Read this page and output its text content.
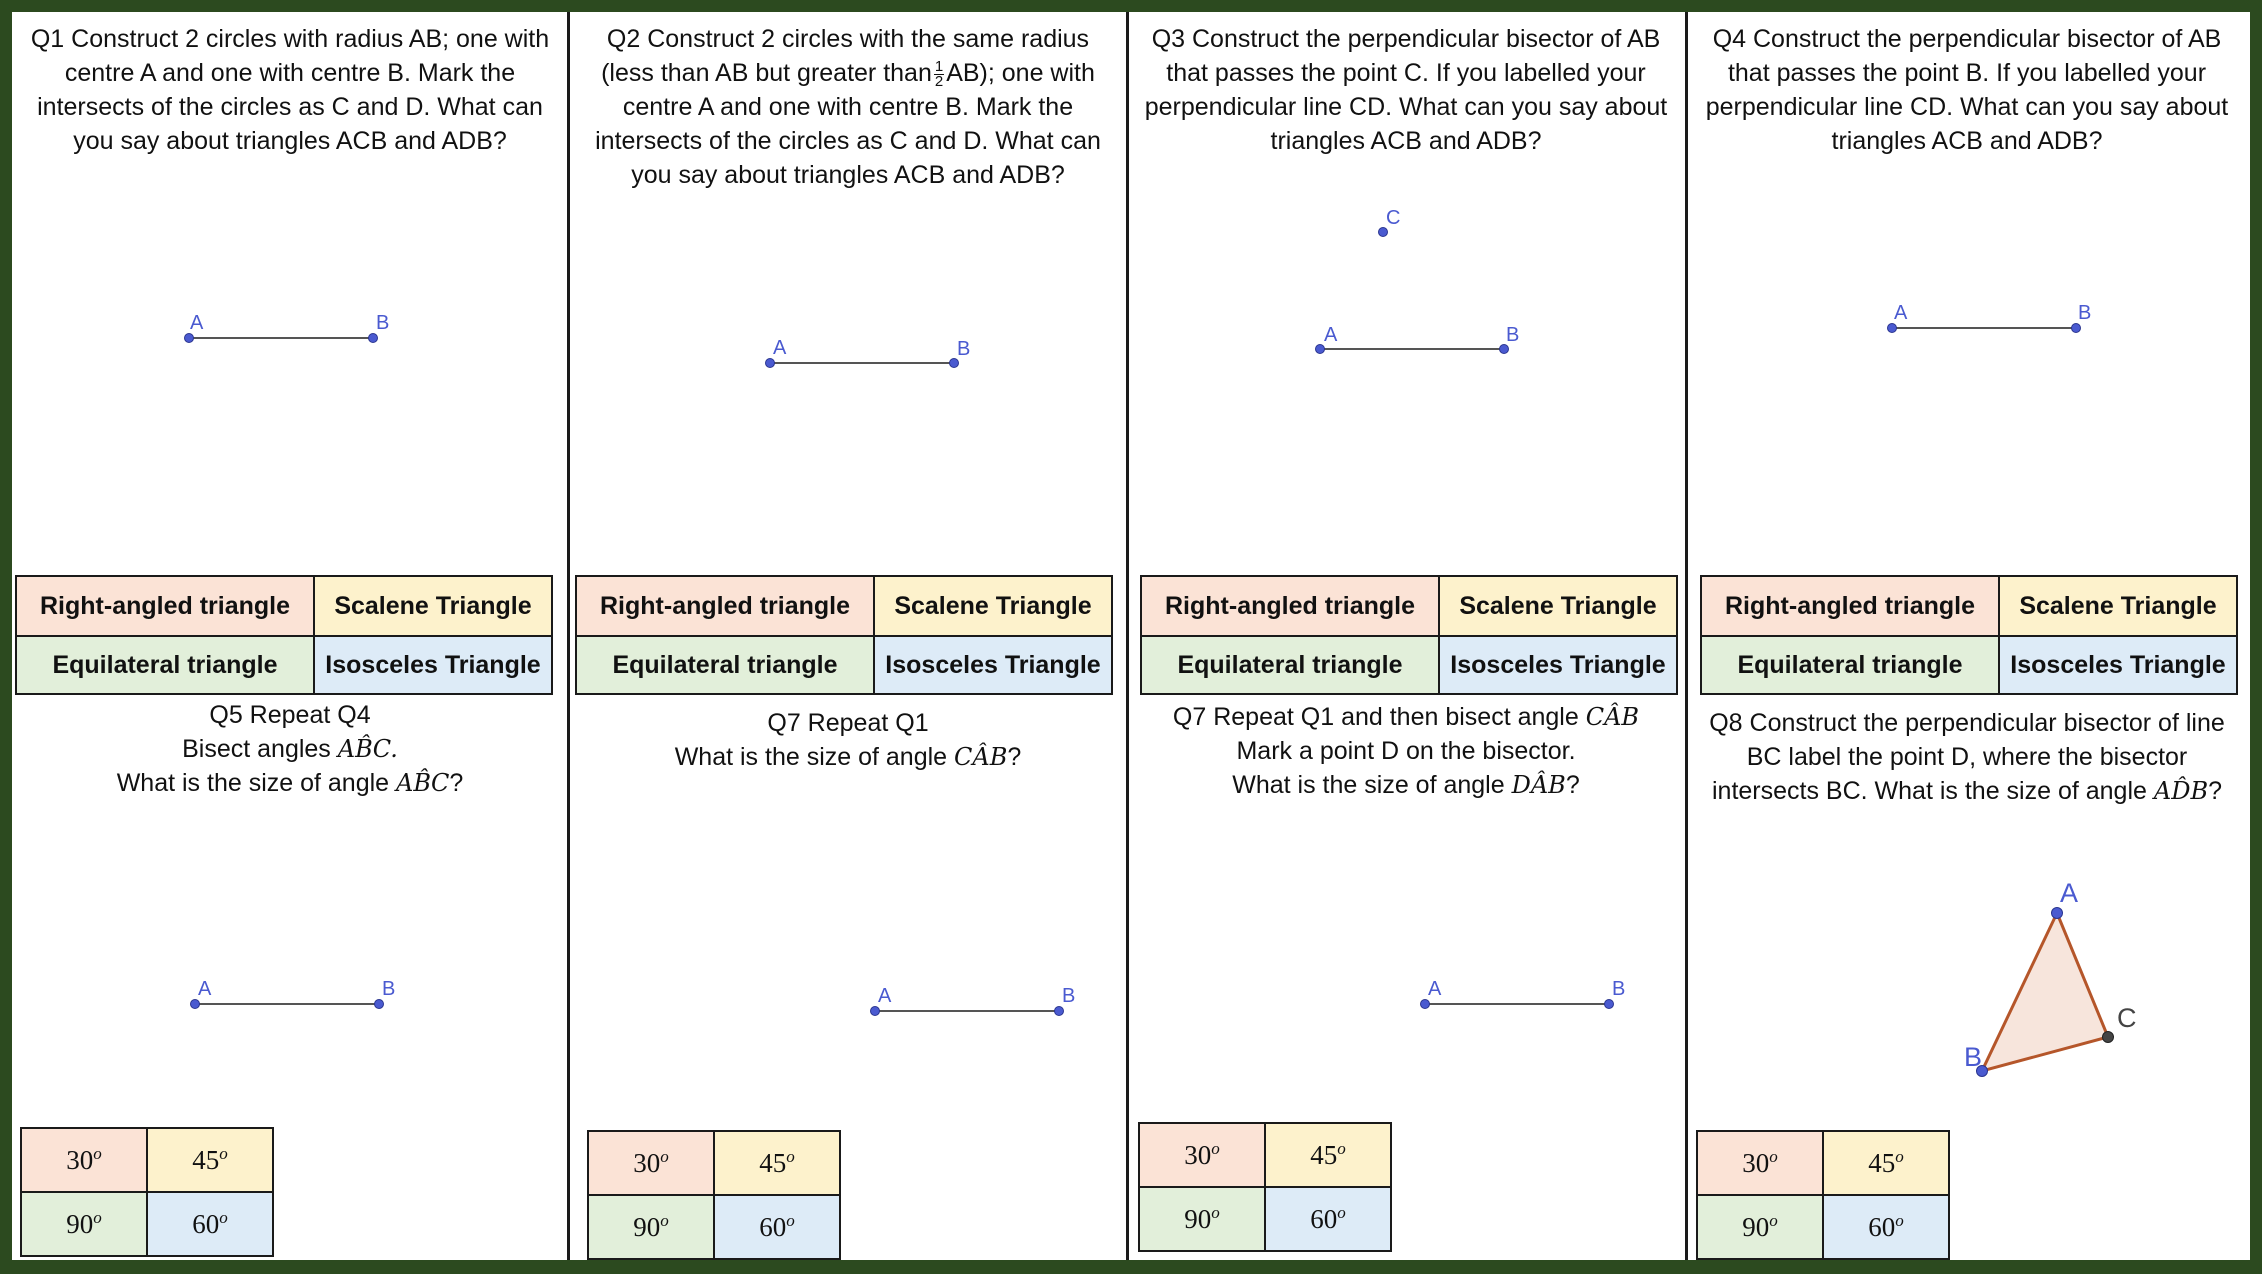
Q1 Construct 2 circles with radius AB; one with centre A and one with centre B. Mark the intersects of the circles as C and D. What can you say about triangles ACB and ADB?
A	B
Q2 Construct 2 circles with the same radius
(less than AB but greater than $\frac{1}{2} AB$); one with
centre A and one with centre B. Mark the intersects of the circles as C and D. What can you say about triangles ACB and ADB?
A	B
Q3 Construct the perpendicular bisector of AB that passes the point C. If you labelled your perpendicular line CD. What can you say about triangles ACB and ADB?
C
A	B
Q4 Construct the perpendicular bisector of AB that passes the point B. If you labelled your perpendicular line CD. What can you say about triangles ACB and ADB?
A	B
Right-angled triangle	Scalene Triangle
Equilateral triangle	Isosceles Triangle
Right-angled triangle	Scalene Triangle
Equilateral triangle	Isosceles Triangle
Right-angled triangle	Scalene Triangle
Equilateral triangle	Isosceles Triangle
Right-angled triangle	Scalene Triangle
Equilateral triangle	Isosceles Triangle
Q5 Repeat Q4
Bisect angles AB̂C.
What is the size of angle AB̂C?
A	B
Q7 Repeat Q1
What is the size of angle CÂB?
A	B
Q7 Repeat Q1 and then bisect angle CÂB
Mark a point D on the bisector.
What is the size of angle DÂB?
A	B
Q8 Construct the perpendicular bisector of line BC label the point D, where the bisector intersects BC. What is the size of angle AD̂B?
A
B
C
30$^o$	45$^o$
90$^o$	60$^o$
30$^o$	45$^o$
90$^o$	60$^o$
30$^o$	45$^o$
90$^o$	60$^o$
30$^o$	45$^o$
90$^o$	60$^o$
